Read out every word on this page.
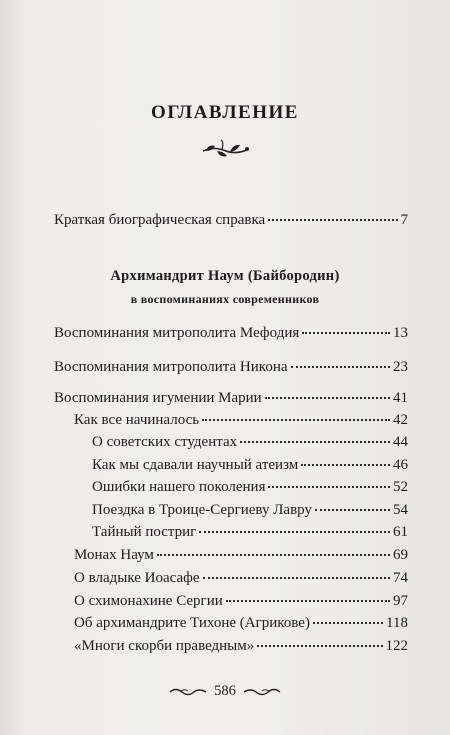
ОГЛАВЛЕНИЕ
Краткая биографическая справка	7
Архимандрит Наум (Байбородин)
в воспоминаниях современников
Воспоминания митрополита Мефодия	13
Воспоминания митрополита Никона	23
Воспоминания игумении Марии	41
Как все начиналось	42
О советских студентах	44
Как мы сдавали научный атеизм	46
Ошибки нашего поколения	52
Поездка в Троице-Сергиеву Лавру	54
Тайный постриг	61
Монах Наум	69
О владыке Иоасафе	74
О схимонахине Сергии	97
Об архимандрите Тихоне (Агрикове)	118
«Многи скорби праведным»	122
586
